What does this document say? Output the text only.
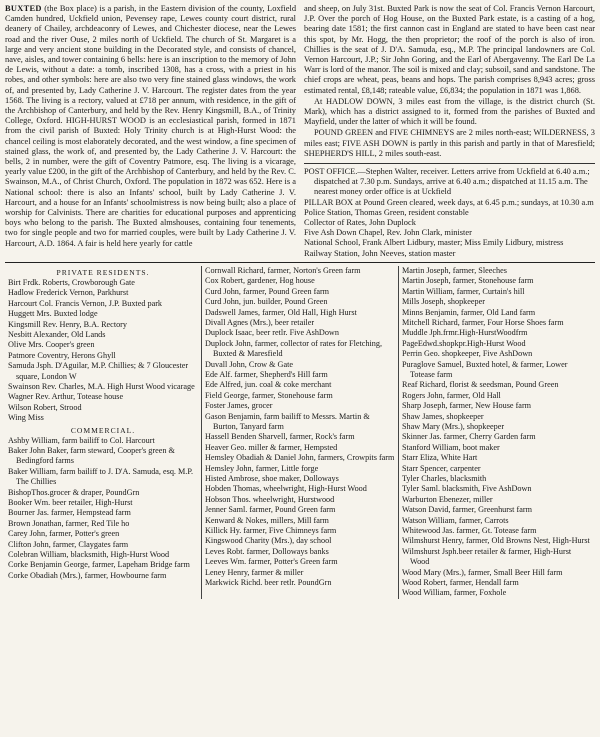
BUXTED (the Box place) is a parish, in the Eastern division of the county, Loxfield Camden hundred, Uckfield union, Pevensey rape, Lewes county court district, rural deanery of Chailey, archdeaconry of Lewes, and Chichester diocese, near the Lewes road and the river Ouse, 2 miles north of Uckfield. The church of St. Margaret is a large and very ancient stone building in the Decorated style, and consists of chancel, nave, aisles, and tower containing 6 bells: here is an inscription to the memory of John de Lewis, without a date: a tomb, inscribed 1308, has a cross, with a priest in his robes, and other symbols: here are also two very fine stained glass windows, the work of, and presented by, Lady Catherine J. V. Harcourt. The register dates from the year 1568. The living is a rectory, valued at £718 per annum, with residence, in the gift of the Archbishop of Canterbury, and held by the Rev. Henry Kingsmill, B.A., of Trinity College, Oxford. HIGH-HURST WOOD is an ecclesiastical parish, formed in 1871 from the civil parish of Buxted: Holy Trinity church is at High-Hurst Wood: the chancel ceiling is most elaborately decorated, and the west window, a fine specimen of stained glass, the work of, and presented by, the Lady Catherine J. V. Harcourt: the bells, 2 in number, were the gift of Coventry Patmore, esq. The living is a vicarage, yearly value £200, in the gift of the Archbishop of Canterbury, and held by the Rev. C. Swainson, M.A., of Christ Church, Oxford. The population in 1872 was 652. Here is a National school: there is also an Infants' school, built by Lady Catherine J. V. Harcourt, and a house for an Infants' schoolmistress is now being built; also a place of worship for Calvinists. There are charities for educational purposes and apprenticing boys who belong to the parish. The Buxted almshouses, containing four tenements, two for single people and two for married couples, were built by Lady Catherine J. V. Harcourt, A.D. 1864. A fair is held here yearly for cattle

and sheep, on July 31st. Buxted Park is now the seat of Col. Francis Vernon Harcourt, J.P. Over the porch of Hog House, on the Buxted Park estate, is a casting of a hog, bearing date 1581; the first cannon cast in England are stated to have been cast near this spot, by Mr. Hogg, the then proprietor; the roof of the porch is also of iron. Chillies is the seat of J. D'A. Samuda, esq., M.P. The principal landowners are Col. Vernon Harcourt, J.P.; Sir John Goring, and the Earl of Abergavenny. The Earl De La Warr is lord of the manor. The soil is mixed and clay; subsoil, sand and sandstone. The chief crops are wheat, peas, beans and hops. The parish comprises 8,943 acres; gross estimated rental, £8,148; rateable value, £6,834; the population in 1871 was 1,868.

At HADLOW DOWN, 3 miles east from the village, is the district church (St. Mark), which has a district assigned to it, formed from the parishes of Buxted and Mayfield, under the latter of which it will be found.

POUND GREEN and FIVE CHIMNEYS are 2 miles north-east; WILDERNESS, 3 miles east; FIVE ASH DOWN is partly in this parish and partly in that of Maresfield; SHEPHERD'S HILL, 2 miles south-east.

POST OFFICE.—Stephen Walter, receiver. Letters arrive from Uckfield at 6.40 a.m.; dispatched at 7.30 p.m. Sundays, arrive at 6.40 a.m.; dispatched at 11.15 a.m. The nearest money order office is at Uckfield

PILLAR BOX at Pound Green cleared, week days, at 6.45 p.m.; sundays, at 10.30 a.m

Police Station, Thomas Green, resident constable

Collector of Rates, John Duplock

Five Ash Down Chapel, Rev. John Clark, minister

National School, Frank Albert Lidbury, master; Miss Emily Lidbury, mistress

Railway Station, John Neeves, station master

PRIVATE RESIDENTS.

Birt Frdk. Roberts, Crowborough Gate

Hadlow Frederick Vernon, Parkhurst

Harcourt Col. Francis Vernon, J.P. Buxted park

Huggett Mrs. Buxted lodge

Kingsmill Rev. Henry, B.A. Rectory

Nesbitt Alexander, Old Lands

Olive Mrs. Cooper's green

Patmore Coventry, Herons Ghyll

Samuda Jsph. D'Aguilar, M.P. Chillies; & 7 Gloucester square, London W

Swainson Rev. Charles, M.A. High Hurst Wood vicarage

Wagner Rev. Arthur, Totease house

Wilson Robert, Strood

Wing Miss

COMMERCIAL.

Ashby William, farm bailiff to Col. Harcourt

Baker John Baker, farm steward, Cooper's green & Bedingford farms

Baker William, farm bailiff to J. D'A. Samuda, esq. M.P. The Chillies

BishopThos.grocer & draper, PoundGrn

Booker Wm. beer retailer, High-Hurst

Bourner Jas. farmer, Hempstead farm

Brown Jonathan, farmer, Red Tile ho

Carey John, farmer, Potter's green

Clifton John, farmer, Claygates farm

Colebran William, blacksmith, High-Hurst Wood

Corke Benjamin George, farmer, Lapeham Bridge farm

Corke Obadiah (Mrs.), farmer, Howbourne farm

Cornwall Richard, farmer, Norton's Green farm

Cox Robert, gardener, Hog house

Curd John, farmer, Pound Green farm

Curd John, jun. builder, Pound Green

Dadswell James, farmer, Old Hall, High Hurst

Divall Agnes (Mrs.), beer retailer

Duplock Isaac, beer retlr. Five AshDown

Duplock John, farmer, collector of rates for Fletching, Buxted & Maresfield

Duvall John, Crow & Gate

Ede Alf. farmer, Shepherd's Hill farm

Ede Alfred, jun. coal & coke merchant

Field George, farmer, Stonehouse farm

Foster James, grocer

Gason Benjamin, farm bailiff to Messrs. Martin & Burton, Tanyard farm

Hassell Benden Sharvell, farmer, Rock's farm

Heaver Geo. miller & farmer, Hempsted

Hemsley Obadiah & Daniel John, farmers, Crowpits farm

Hemsley John, farmer, Little forge

Histed Ambrose, shoe maker, Dolloways

Hobden Thomas, wheelwright, High-Hurst Wood

Hobson Thos. wheelwright, Hurstwood

Jenner Saml. farmer, Pound Green farm

Kenward & Nokes, millers, Mill farm

Killick Hy. farmer, Five Chimneys farm

Kingswood Charity (Mrs.), day school

Leves Robt. farmer, Dolloways banks

Leeves Wm. farmer, Potter's Green farm

Leney Henry, farmer & miller

Markwick Richd. beer retlr. PoundGrn

Martin Joseph, farmer, Sleeches

Martin Joseph, farmer, Stonehouse farm

Martin William, farmer, Curtain's hill

Mills Joseph, shopkeeper

Minns Benjamin, farmer, Old Land farm

Mitchell Richard, farmer, Four Horse Shoes farm

Muddle Jph.frmr.High-HurstWoodfrm

PageEdwd.shopkpr.High-Hurst Wood

Perrin Geo. shopkeeper, Five AshDown

Puraglove Samuel, Buxted hotel, & farmer, Lower Totease farm

Reaf Richard, florist & seedsman, Pound Green

Rogers John, farmer, Old Hall

Sharp Joseph, farmer, New House farm

Shaw James, shopkeeper

Shaw Mary (Mrs.), shopkeeper

Skinner Jas. farmer, Cherry Garden farm

Stanford William, boot maker

Starr Eliza, White Hart

Starr Spencer, carpenter

Tyler Charles, blacksmith

Tyler Saml. blacksmith, Five AshDown

Warburton Ebenezer, miller

Watson David, farmer, Greenhurst farm

Watson William, farmer, Carrots

Whitewood Jas. farmer, Gt. Totease farm

Wilmshurst Henry, farmer, Old Browns Nest, High-Hurst

Wilmshurst Jsph.beer retailer & farmer, High-Hurst Wood

Wood Mary (Mrs.), farmer, Small Beer Hill farm

Wood Robert, farmer, Hendall farm

Wood William, farmer, Foxhole
